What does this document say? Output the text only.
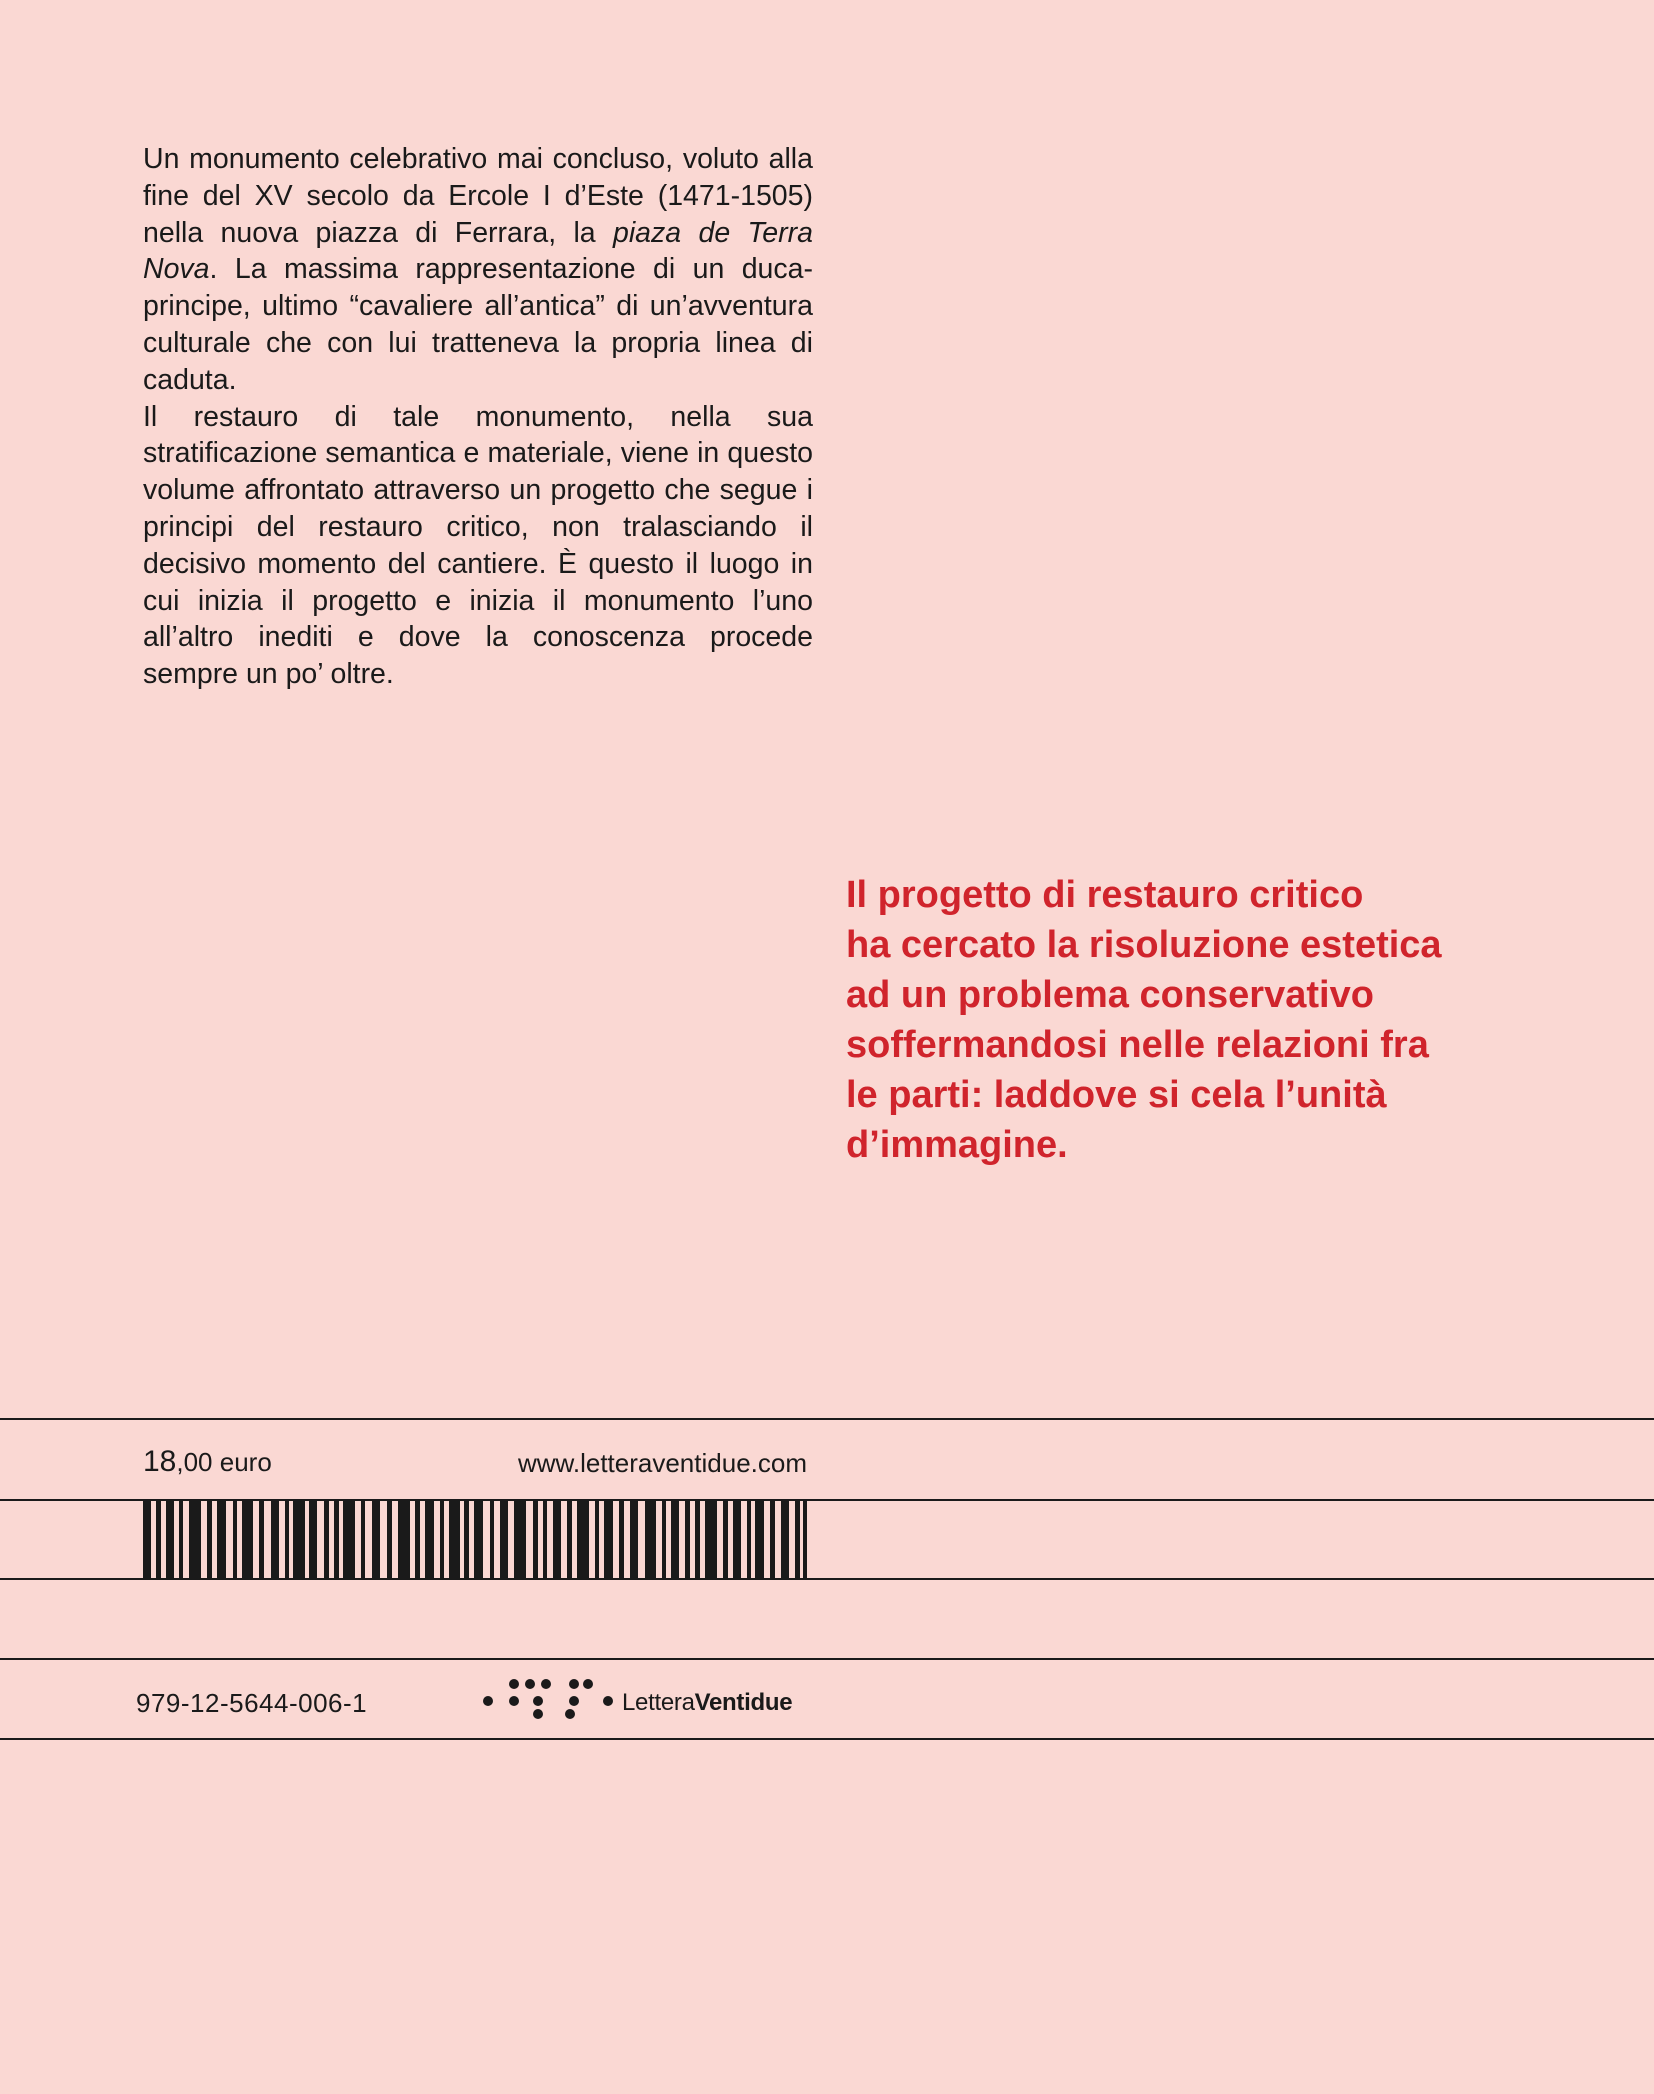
Un monumento celebrativo mai concluso, voluto alla fine del XV secolo da Ercole I d’Este (1471-1505) nella nuova piazza di Ferrara, la piaza de Terra Nova. La massima rappresentazione di un duca-principe, ultimo “cavaliere all’antica” di un’avventura culturale che con lui tratteneva la propria linea di caduta.

Il restauro di tale monumento, nella sua stratificazione semantica e materiale, viene in questo volume affrontato attraverso un progetto che segue i principi del restauro critico, non tralasciando il decisivo momento del cantiere. È questo il luogo in cui inizia il progetto e inizia il monumento l’uno all’altro inediti e dove la conoscenza procede sempre un po’ oltre.

Il progetto di restauro critico
ha cercato la risoluzione estetica
ad un problema conservativo
soffermandosi nelle relazioni fra
le parti: laddove si cela l’unità
d’immagine.
18,00 euro	www.letteraventidue.com
979-12-5644-006-1	LetteraVentidue
